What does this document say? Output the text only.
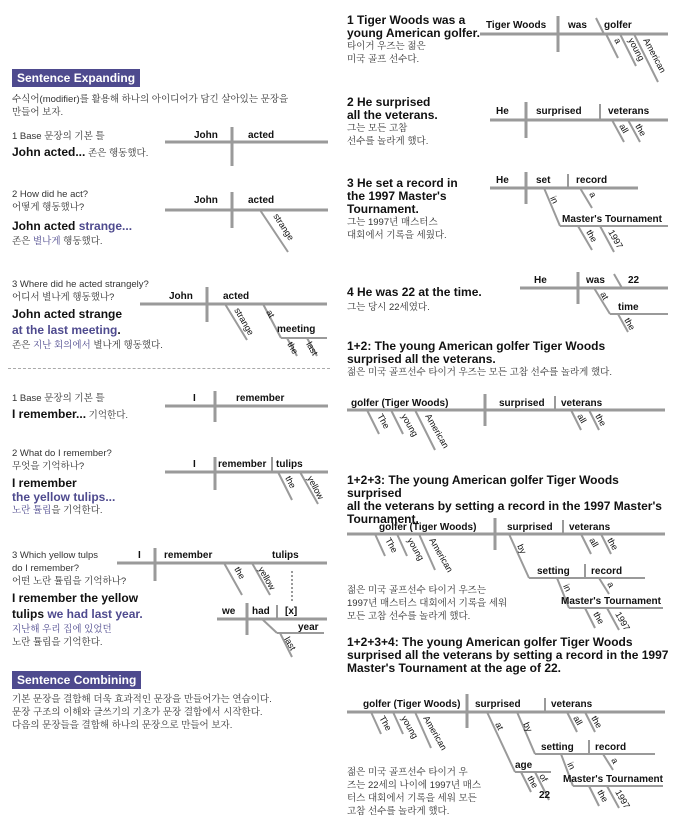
Sentence Expanding
수식어(modifier)를 활용해 하나의 아이디어가 담긴 살아있는 문장을
만들어 보자.
1 Base 문장의 기본 틀
John acted... 존은 행동했다.
John	acted
2 How did he act?
어떻게 행동했나?
John acted strange...
존은 별나게 행동했다.
John	acted
strange
3 Where did he acted strangely?
어디서 별나게 행동했나?
John acted strange
at the last meeting.
존은 지난 회의에서 별나게 행동했다.
John	acted
strange at
meeting
the last
1 Base 문장의 기본 틀
I remember... 기억한다.
I	remember
2 What do I remember?
무엇을 기억하나?
I remember
the yellow tulips...
노란 튤립을 기억한다.
I remember tulips
the yellow
3 Which yellow tulps
do I remember?
어떤 노란 튤립을 기억하나?
I remember the yellow
tulips we had last year.
지난해 우리 집에 있었던
노란 튤립을 기억한다.
I remember	tulips
the yellow
we had [x]
year
last
Sentence Combining
기본 문장을 결합해 더욱 효과적인 문장을 만들어가는 연습이다.
문장 구조의 이해와 글쓰기의 기초가 문장 결합에서 시작한다.
다음의 문장들을 결합해 하나의 문장으로 만들어 보자.
1 Tiger Woods was a
young American golfer.
타이거 우즈는 젊은
미국 골프 선수다.
Tiger Woods was golfer
a young
American
2 He surprised
all the veterans.
그는 모든 고참
선수를 놀라게 했다.
He	surprised	veterans
all the
3 He set a record in
the 1997 Master's
Tournament.
그는 1997년 매스터스
대회에서 기록을 세웠다.
He	set	record
a
in
Master's Tournament
the 1997
4 He was 22 at the time.
그는 당시 22세였다.
He	was 22
at
time
the
1+2: The young American golfer Tiger Woods
surprised all the veterans.
젊은 미국 골프선수 타이거 우즈는 모든 고참 선수를 놀라게 했다.
golfer (Tiger Woods)	surprised veterans
The young American	all the
1+2+3: The young American golfer Tiger Woods surprised
all the veterans by setting a record in the 1997 Master's
Tournament.
golfer (Tiger Woods)	surprised veterans
The young American	all the
by
setting record
a
in
Master's Tournament
the 1997
젊은 미국 골프선수 타이거 우즈는
1997년 매스터스 대회에서 기록을 세워
모든 고참 선수를 놀라게 했다.
1+2+3+4: The young American golfer Tiger Woods
surprised all the veterans by setting a record in the 1997
Master's Tournament at the age of 22.
golfer (Tiger Woods) surprised	veterans
The young American	all the
by
setting record
a
in
Master's Tournament
the 1997
at
age
the
of
22
젊은 미국 골프선수 타이거 우
즈는 22세의 나이에 1997년 매스
터스 대회에서 기록을 세워 모든
고참 선수를 놀라게 했다.
